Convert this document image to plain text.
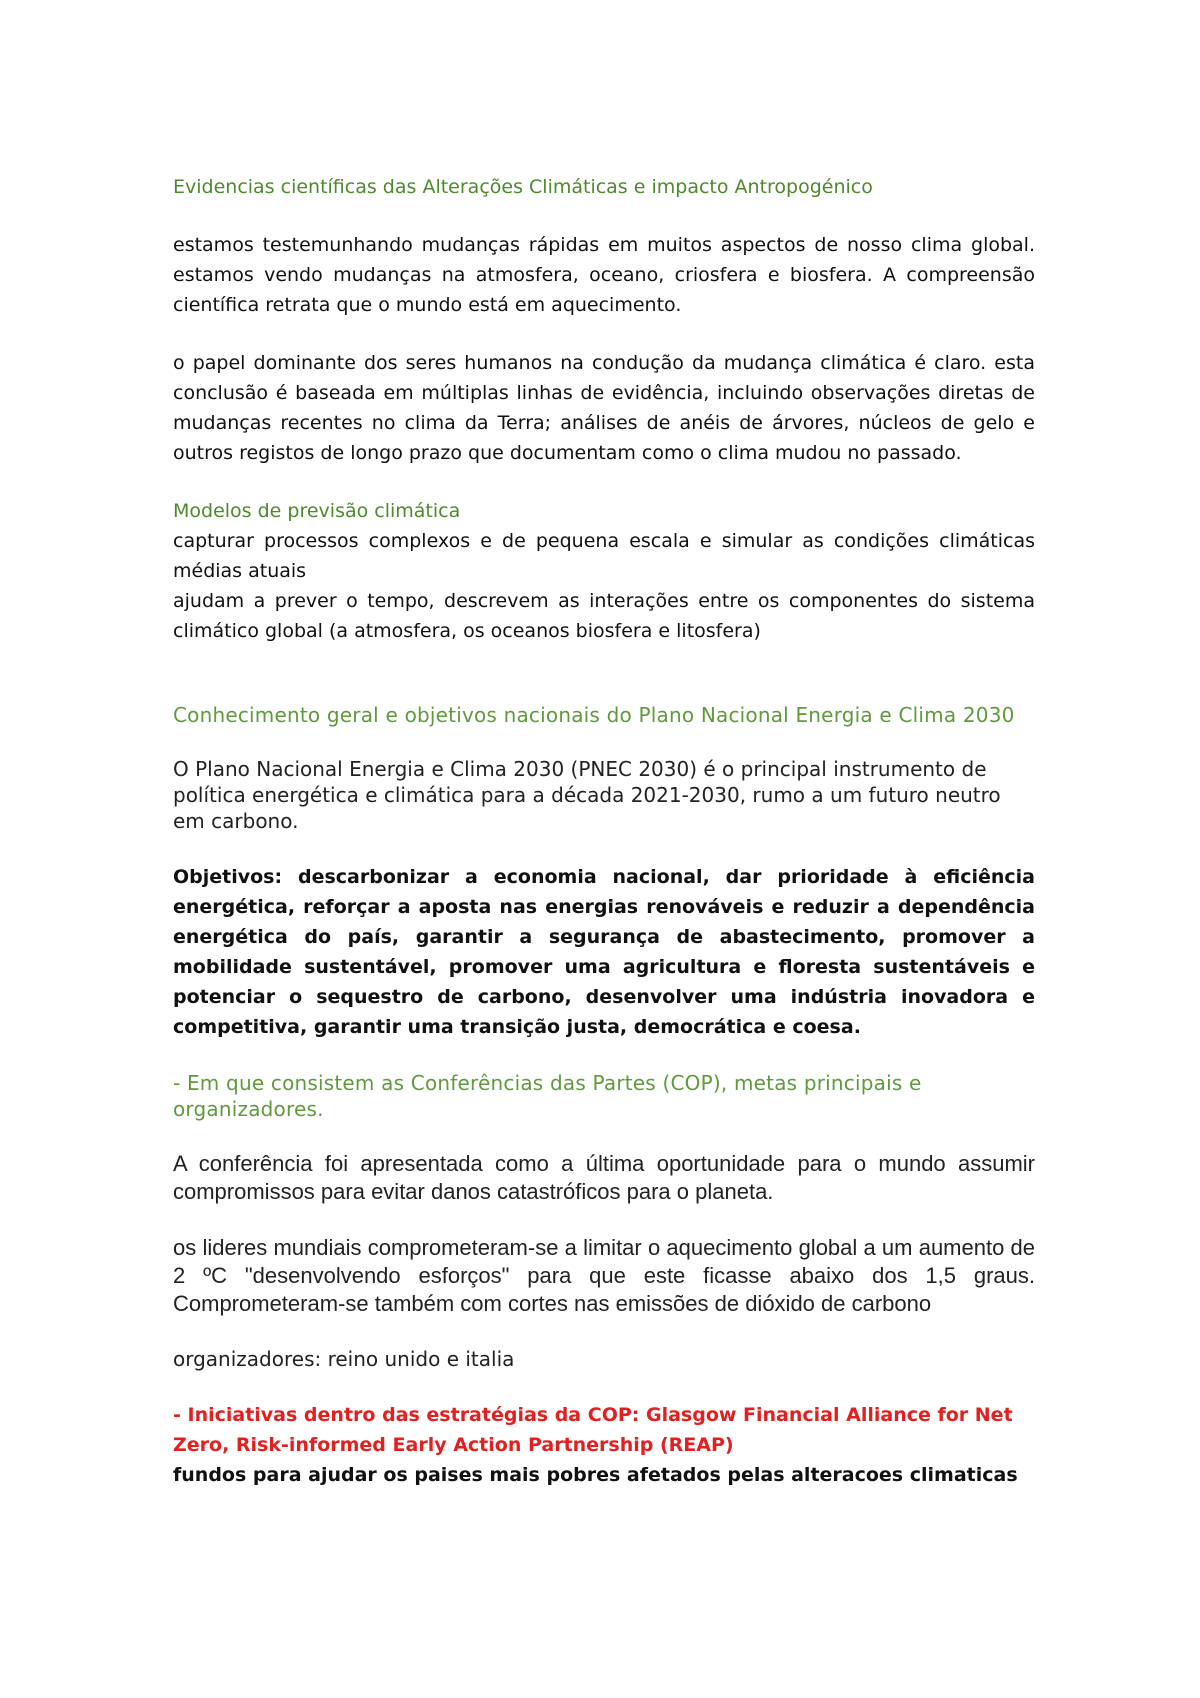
Evidencias científicas das Alterações Climáticas e impacto Antropogénico

estamos testemunhando mudanças rápidas em muitos aspectos de nosso clima global. estamos vendo mudanças na atmosfera, oceano, criosfera e biosfera. A compreensão científica retrata que o mundo está em aquecimento.

o papel dominante dos seres humanos na condução da mudança climática é claro. esta conclusão é baseada em múltiplas linhas de evidência, incluindo observações diretas de mudanças recentes no clima da Terra; análises de anéis de árvores, núcleos de gelo e outros registos de longo prazo que documentam como o clima mudou no passado.

Modelos de previsão climática

capturar processos complexos e de pequena escala e simular as condições climáticas médias atuais

ajudam a prever o tempo, descrevem as interações entre os componentes do sistema climático global (a atmosfera, os oceanos biosfera e litosfera)

Conhecimento geral e objetivos nacionais do Plano Nacional Energia e Clima 2030

O Plano Nacional Energia e Clima 2030 (PNEC 2030) é o principal instrumento de política energética e climática para a década 2021-2030, rumo a um futuro neutro em carbono.

Objetivos: descarbonizar a economia nacional, dar prioridade à eficiência energética, reforçar a aposta nas energias renováveis e reduzir a dependência energética do país, garantir a segurança de abastecimento, promover a mobilidade sustentável, promover uma agricultura e floresta sustentáveis e potenciar o sequestro de carbono, desenvolver uma indústria inovadora e competitiva, garantir uma transição justa, democrática e coesa.

- Em que consistem as Conferências das Partes (COP), metas principais e organizadores.

A conferência foi apresentada como a última oportunidade para o mundo assumir compromissos para evitar danos catastróficos para o planeta.

os lideres mundiais comprometeram-se a limitar o aquecimento global a um aumento de 2 ºC "desenvolvendo esforços" para que este ficasse abaixo dos 1,5 graus. Comprometeram-se também com cortes nas emissões de dióxido de carbono

organizadores: reino unido e italia

- Iniciativas dentro das estratégias da COP: Glasgow Financial Alliance for Net Zero, Risk-informed Early Action Partnership (REAP)

fundos para ajudar os paises mais pobres afetados pelas alteracoes climaticas
